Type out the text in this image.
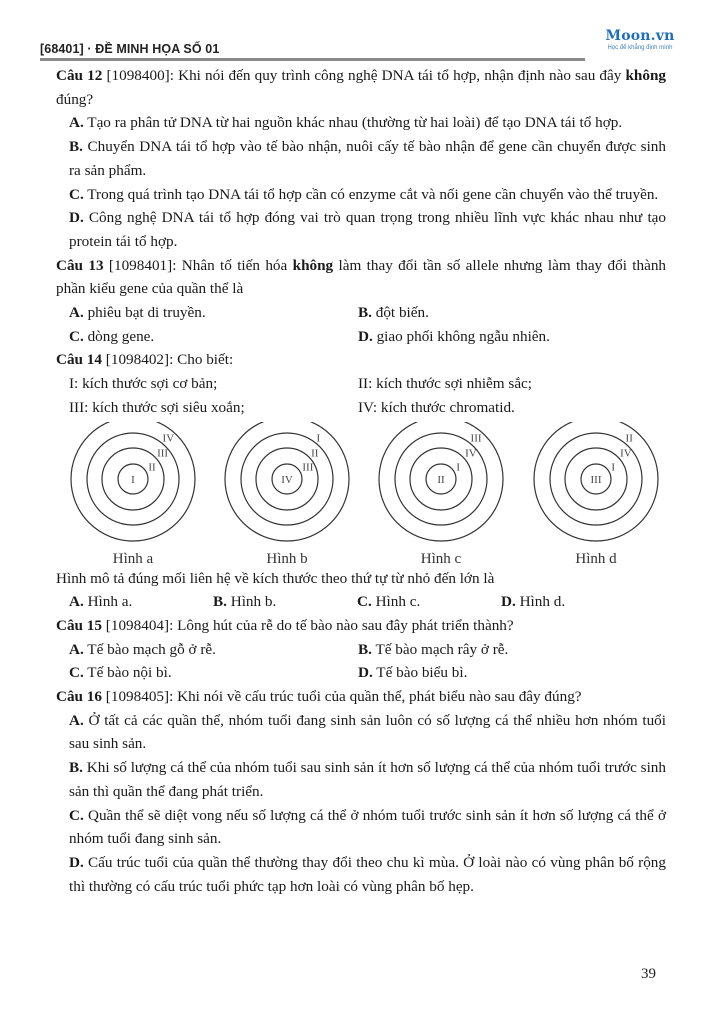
[68401] · ĐỀ MINH HỌA SỐ 01
Moon.vn
Học để khẳng định mình

Câu 12 [1098400]: Khi nói đến quy trình công nghệ DNA tái tổ hợp, nhận định nào sau đây không đúng?

A. Tạo ra phân tử DNA từ hai nguồn khác nhau (thường từ hai loài) để tạo DNA tái tổ hợp.

B. Chuyển DNA tái tổ hợp vào tế bào nhận, nuôi cấy tế bào nhận để gene cần chuyển được sinh ra sản phẩm.

C. Trong quá trình tạo DNA tái tổ hợp cần có enzyme cắt và nối gene cần chuyển vào thể truyền.

D. Công nghệ DNA tái tổ hợp đóng vai trò quan trọng trong nhiều lĩnh vực khác nhau như tạo protein tái tổ hợp.

Câu 13 [1098401]: Nhân tố tiến hóa không làm thay đổi tần số allele nhưng làm thay đổi thành phần kiểu gene của quần thể là

A. phiêu bạt di truyền.	B. đột biến.
C. dòng gene.	D. giao phối không ngẫu nhiên.

Câu 14 [1098402]: Cho biết:

I: kích thước sợi cơ bản;	II: kích thước sợi nhiễm sắc;
III: kích thước sợi siêu xoắn;	IV: kích thước chromatid.
I
II
III
IV
Hình a
IV
III
II
I
Hình b
II
I
IV
III
Hình c
III
I
IV
II
Hình d

Hình mô tả đúng mối liên hệ về kích thước theo thứ tự từ nhỏ đến lớn là

A. Hình a.	B. Hình b.	C. Hình c.	D. Hình d.

Câu 15 [1098404]: Lông hút của rễ do tế bào nào sau đây phát triển thành?

A. Tế bào mạch gỗ ở rễ.	B. Tế bào mạch rây ở rễ.
C. Tế bào nội bì.	D. Tế bào biểu bì.

Câu 16 [1098405]: Khi nói về cấu trúc tuổi của quần thể, phát biểu nào sau đây đúng?

A. Ở tất cả các quần thể, nhóm tuổi đang sinh sản luôn có số lượng cá thể nhiều hơn nhóm tuổi sau sinh sản.

B. Khi số lượng cá thể của nhóm tuổi sau sinh sản ít hơn số lượng cá thể của nhóm tuổi trước sinh sản thì quần thể đang phát triển.

C. Quần thể sẽ diệt vong nếu số lượng cá thể ở nhóm tuổi trước sinh sản ít hơn số lượng cá thể ở nhóm tuổi đang sinh sản.

D. Cấu trúc tuổi của quần thể thường thay đổi theo chu kì mùa. Ở loài nào có vùng phân bố rộng thì thường có cấu trúc tuổi phức tạp hơn loài có vùng phân bố hẹp.

39
